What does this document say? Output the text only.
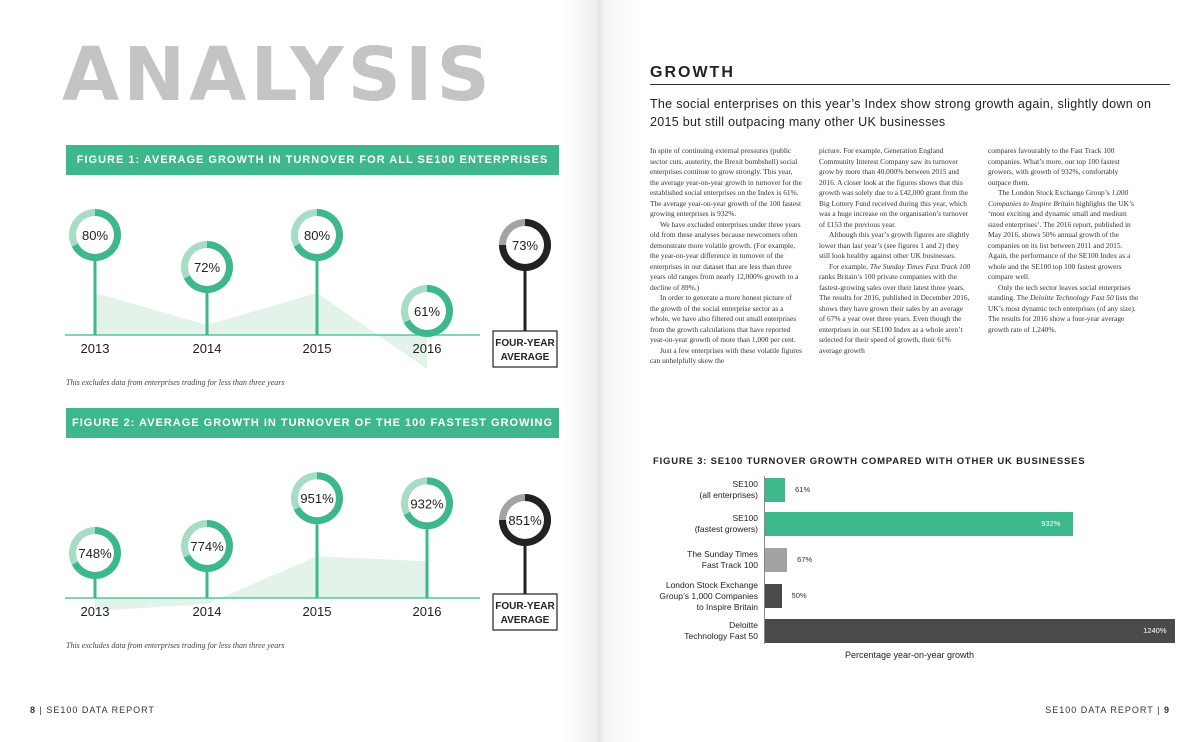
ANALYSIS
FIGURE 1: AVERAGE GROWTH IN TURNOVER FOR ALL SE100 ENTERPRISES
80%
2013
72%
2014
80%
2015
61%
2016
73%
FOUR-YEAR
AVERAGE
This excludes data from enterprises trading for less than three years
FIGURE 2: AVERAGE GROWTH IN TURNOVER OF THE 100 FASTEST GROWING ENTERPRISES
748%
2013
774%
2014
951%
2015
932%
2016
851%
FOUR-YEAR
AVERAGE
This excludes data from enterprises trading for less than three years
8 | SE100 DATA REPORT
GROWTH

The social enterprises on this year’s Index show strong growth again, slightly down on 2015 but still outpacing many other UK businesses

In spite of continuing external pressures (public sector cuts, austerity, the Brexit bombshell) social enterprises continue to grow strongly. This year, the average year-on-year growth in turnover for the established social enterprises on the Index is 61%. The average year-on-year growth of the 100 fastest growing enterprises is 932%.

We have excluded enterprises under three years old from these analyses because newcomers often demonstrate more volatile growth. (For example, the year-on-year difference in turnover of the enterprises in our dataset that are less than three years old ranges from nearly 12,000% growth to a decline of 89%.)

In order to generate a more honest picture of the growth of the social enterprise sector as a whole, we have also filtered out small enterprises from the growth calculations that have reported year-on-year growth of more than 1,000 per cent.

Just a few enterprises with these volatile figures can unhelpfully skew the

picture. For example, Generation England Community Interest Company saw its turnover grow by more than 40,000% between 2015 and 2016. A closer look at the figures shows that this growth was solely due to a £42,000 grant from the Big Lottery Fund received during this year, which was a huge increase on the organisation’s turnover of £153 the previous year.

Although this year’s growth figures are slightly lower than last year’s (see figures 1 and 2) they still look healthy against other UK businesses.

For example, The Sunday Times Fast Track 100 ranks Britain’s 100 private companies with the fastest-growing sales over their latest three years. The results for 2016, published in December 2016, shows they have grown their sales by an average of 67% a year over three years. Even though the enterprises in our SE100 Index as a whole aren’t selected for their speed of growth, their 61% average growth

compares favourably to the Fast Track 100 companies. What’s more, our top 100 fastest growers, with growth of 932%, comfortably outpace them.

The London Stock Exchange Group’s 1,000 Companies to Inspire Britain highlights the UK’s ‘most exciting and dynamic small and medium sized enterprises’. The 2016 report, published in May 2016, shows 50% annual growth of the companies on its list between 2011 and 2015. Again, the performance of the SE100 Index as a whole and the SE100 top 100 fastest growers compare well.

Only the tech sector leaves social enterprises standing. The Deloitte Technology Fast 50 lists the UK’s most dynamic tech enterprises (of any size). The results for 2016 show a four-year average growth rate of 1,240%.

FIGURE 3: SE100 TURNOVER GROWTH COMPARED WITH OTHER UK BUSINESSES
SE100
(all enterprises)
61%
SE100
(fastest growers)
932%
The Sunday Times
Fast Track 100
67%
London Stock Exchange
Group’s 1,000 Companies
to Inspire Britain
50%
Deloitte
Technology Fast 50
1240%
Percentage year-on-year growth
SE100 DATA REPORT | 9
